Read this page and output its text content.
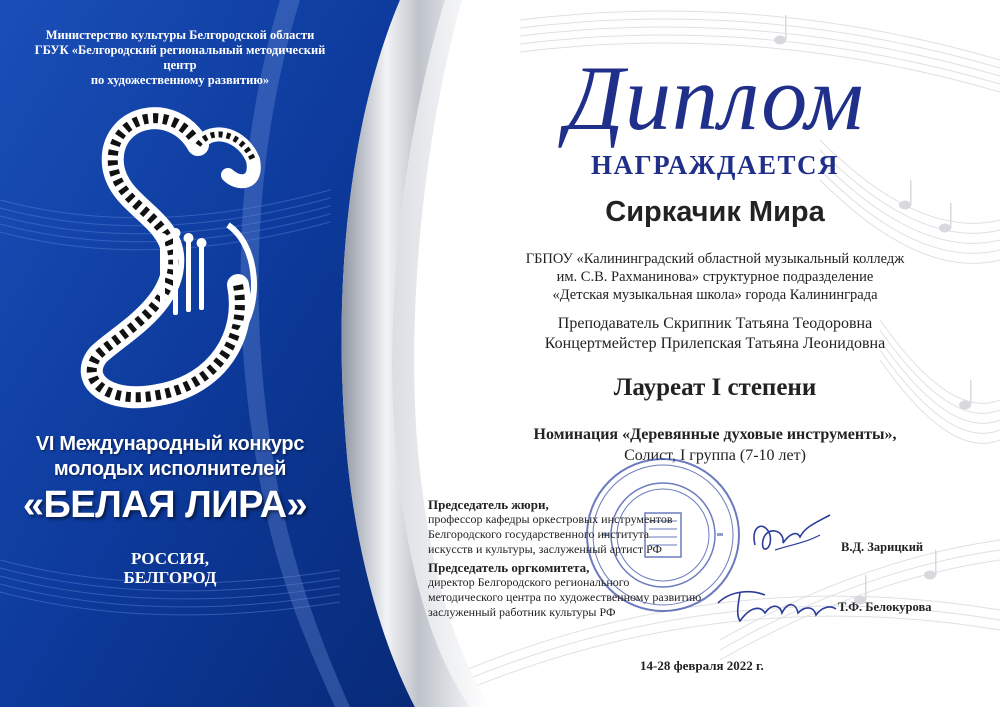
Министерство культуры Белгородской области
ГБУК «Белгородский региональный методический центр
по художественному развитию»
VI Международный конкурс
молодых исполнителей
«БЕЛАЯ ЛИРА»
РОССИЯ,
БЕЛГОРОД
Диплом
НАГРАЖДАЕТСЯ
Сиркачик Мира
ГБПОУ «Калининградский областной музыкальный колледж
им. С.В. Рахманинова» структурное подразделение
«Детская музыкальная школа» города Калининграда
Преподаватель Скрипник Татьяна Теодоровна
Концертмейстер Прилепская Татьяна Леонидовна
Лауреат I степени
Номинация «Деревянные духовые инструменты»,
Солист, I группа (7-10 лет)
Председатель жюри,
профессор кафедры оркестровых инструментов
Белгородского государственного института
искусств и культуры, заслуженный артист РФ	В.Д. Зарицкий
Председатель оргкомитета,
директор Белгородского регионального
методического центра по художественному развитию
заслуженный работник культуры РФ	Т.Ф. Белокурова
14-28 февраля 2022 г.
